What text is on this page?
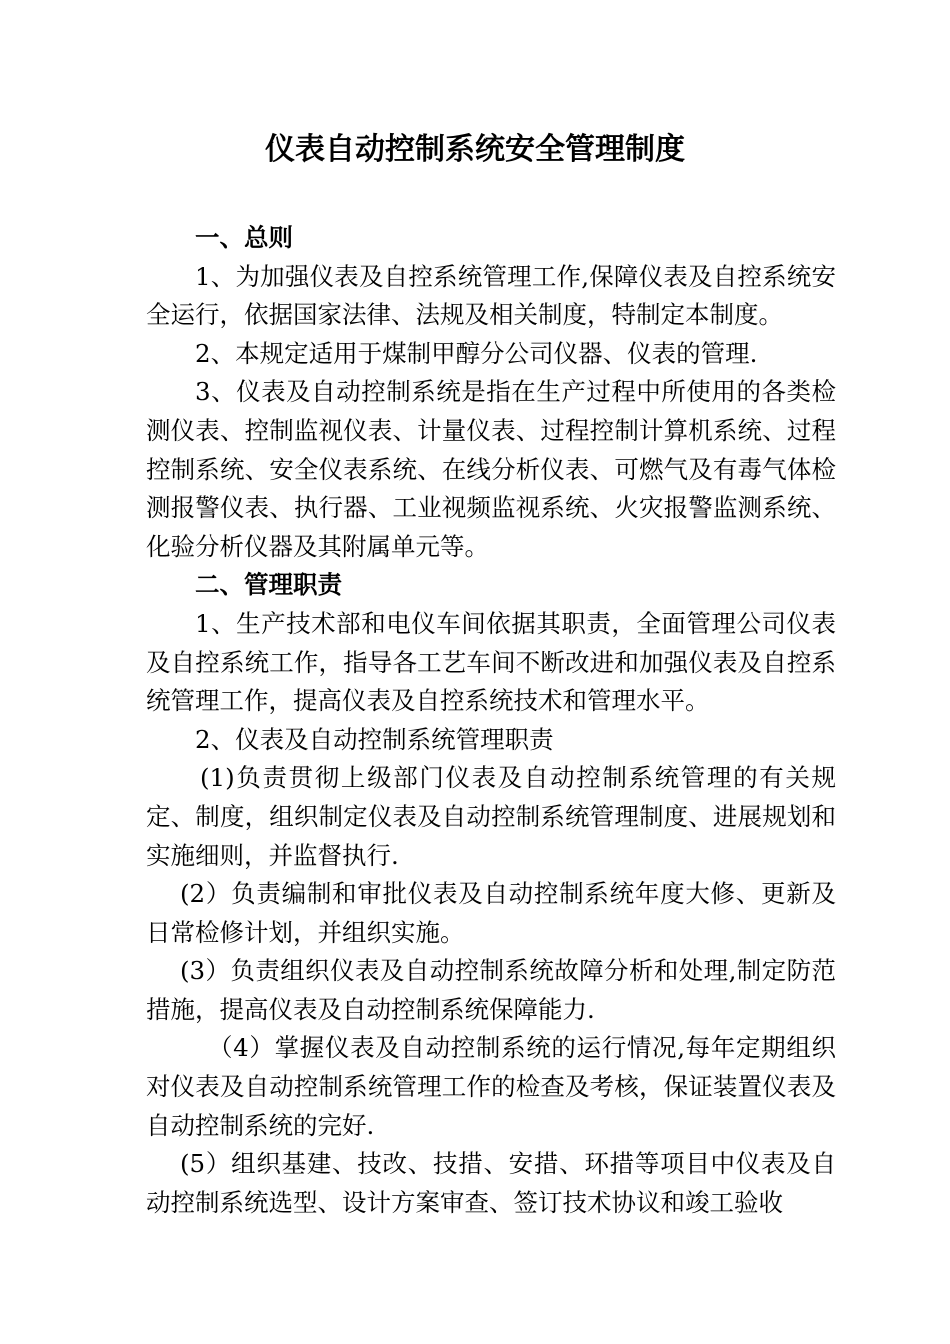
仪表自动控制系统安全管理制度

一、总则

1、为加强仪表及自控系统管理工作,保障仪表及自控系统安全运行，依据国家法律、法规及相关制度，特制定本制度。

2、本规定适用于煤制甲醇分公司仪器、仪表的管理.

3、仪表及自动控制系统是指在生产过程中所使用的各类检测仪表、控制监视仪表、计量仪表、过程控制计算机系统、过程控制系统、安全仪表系统、在线分析仪表、可燃气及有毒气体检测报警仪表、执行器、工业视频监视系统、火灾报警监测系统、化验分析仪器及其附属单元等。

二、管理职责

1、生产技术部和电仪车间依据其职责，全面管理公司仪表及自控系统工作，指导各工艺车间不断改进和加强仪表及自控系统管理工作，提高仪表及自控系统技术和管理水平。

2、仪表及自动控制系统管理职责

(1)负责贯彻上级部门仪表及自动控制系统管理的有关规定、制度，组织制定仪表及自动控制系统管理制度、进展规划和实施细则，并监督执行.

(2）负责编制和审批仪表及自动控制系统年度大修、更新及日常检修计划，并组织实施。

(3）负责组织仪表及自动控制系统故障分析和处理,制定防范措施，提高仪表及自动控制系统保障能力.

（4）掌握仪表及自动控制系统的运行情况,每年定期组织对仪表及自动控制系统管理工作的检查及考核，保证装置仪表及自动控制系统的完好.

(5）组织基建、技改、技措、安措、环措等项目中仪表及自动控制系统选型、设计方案审查、签订技术协议和竣工验收
